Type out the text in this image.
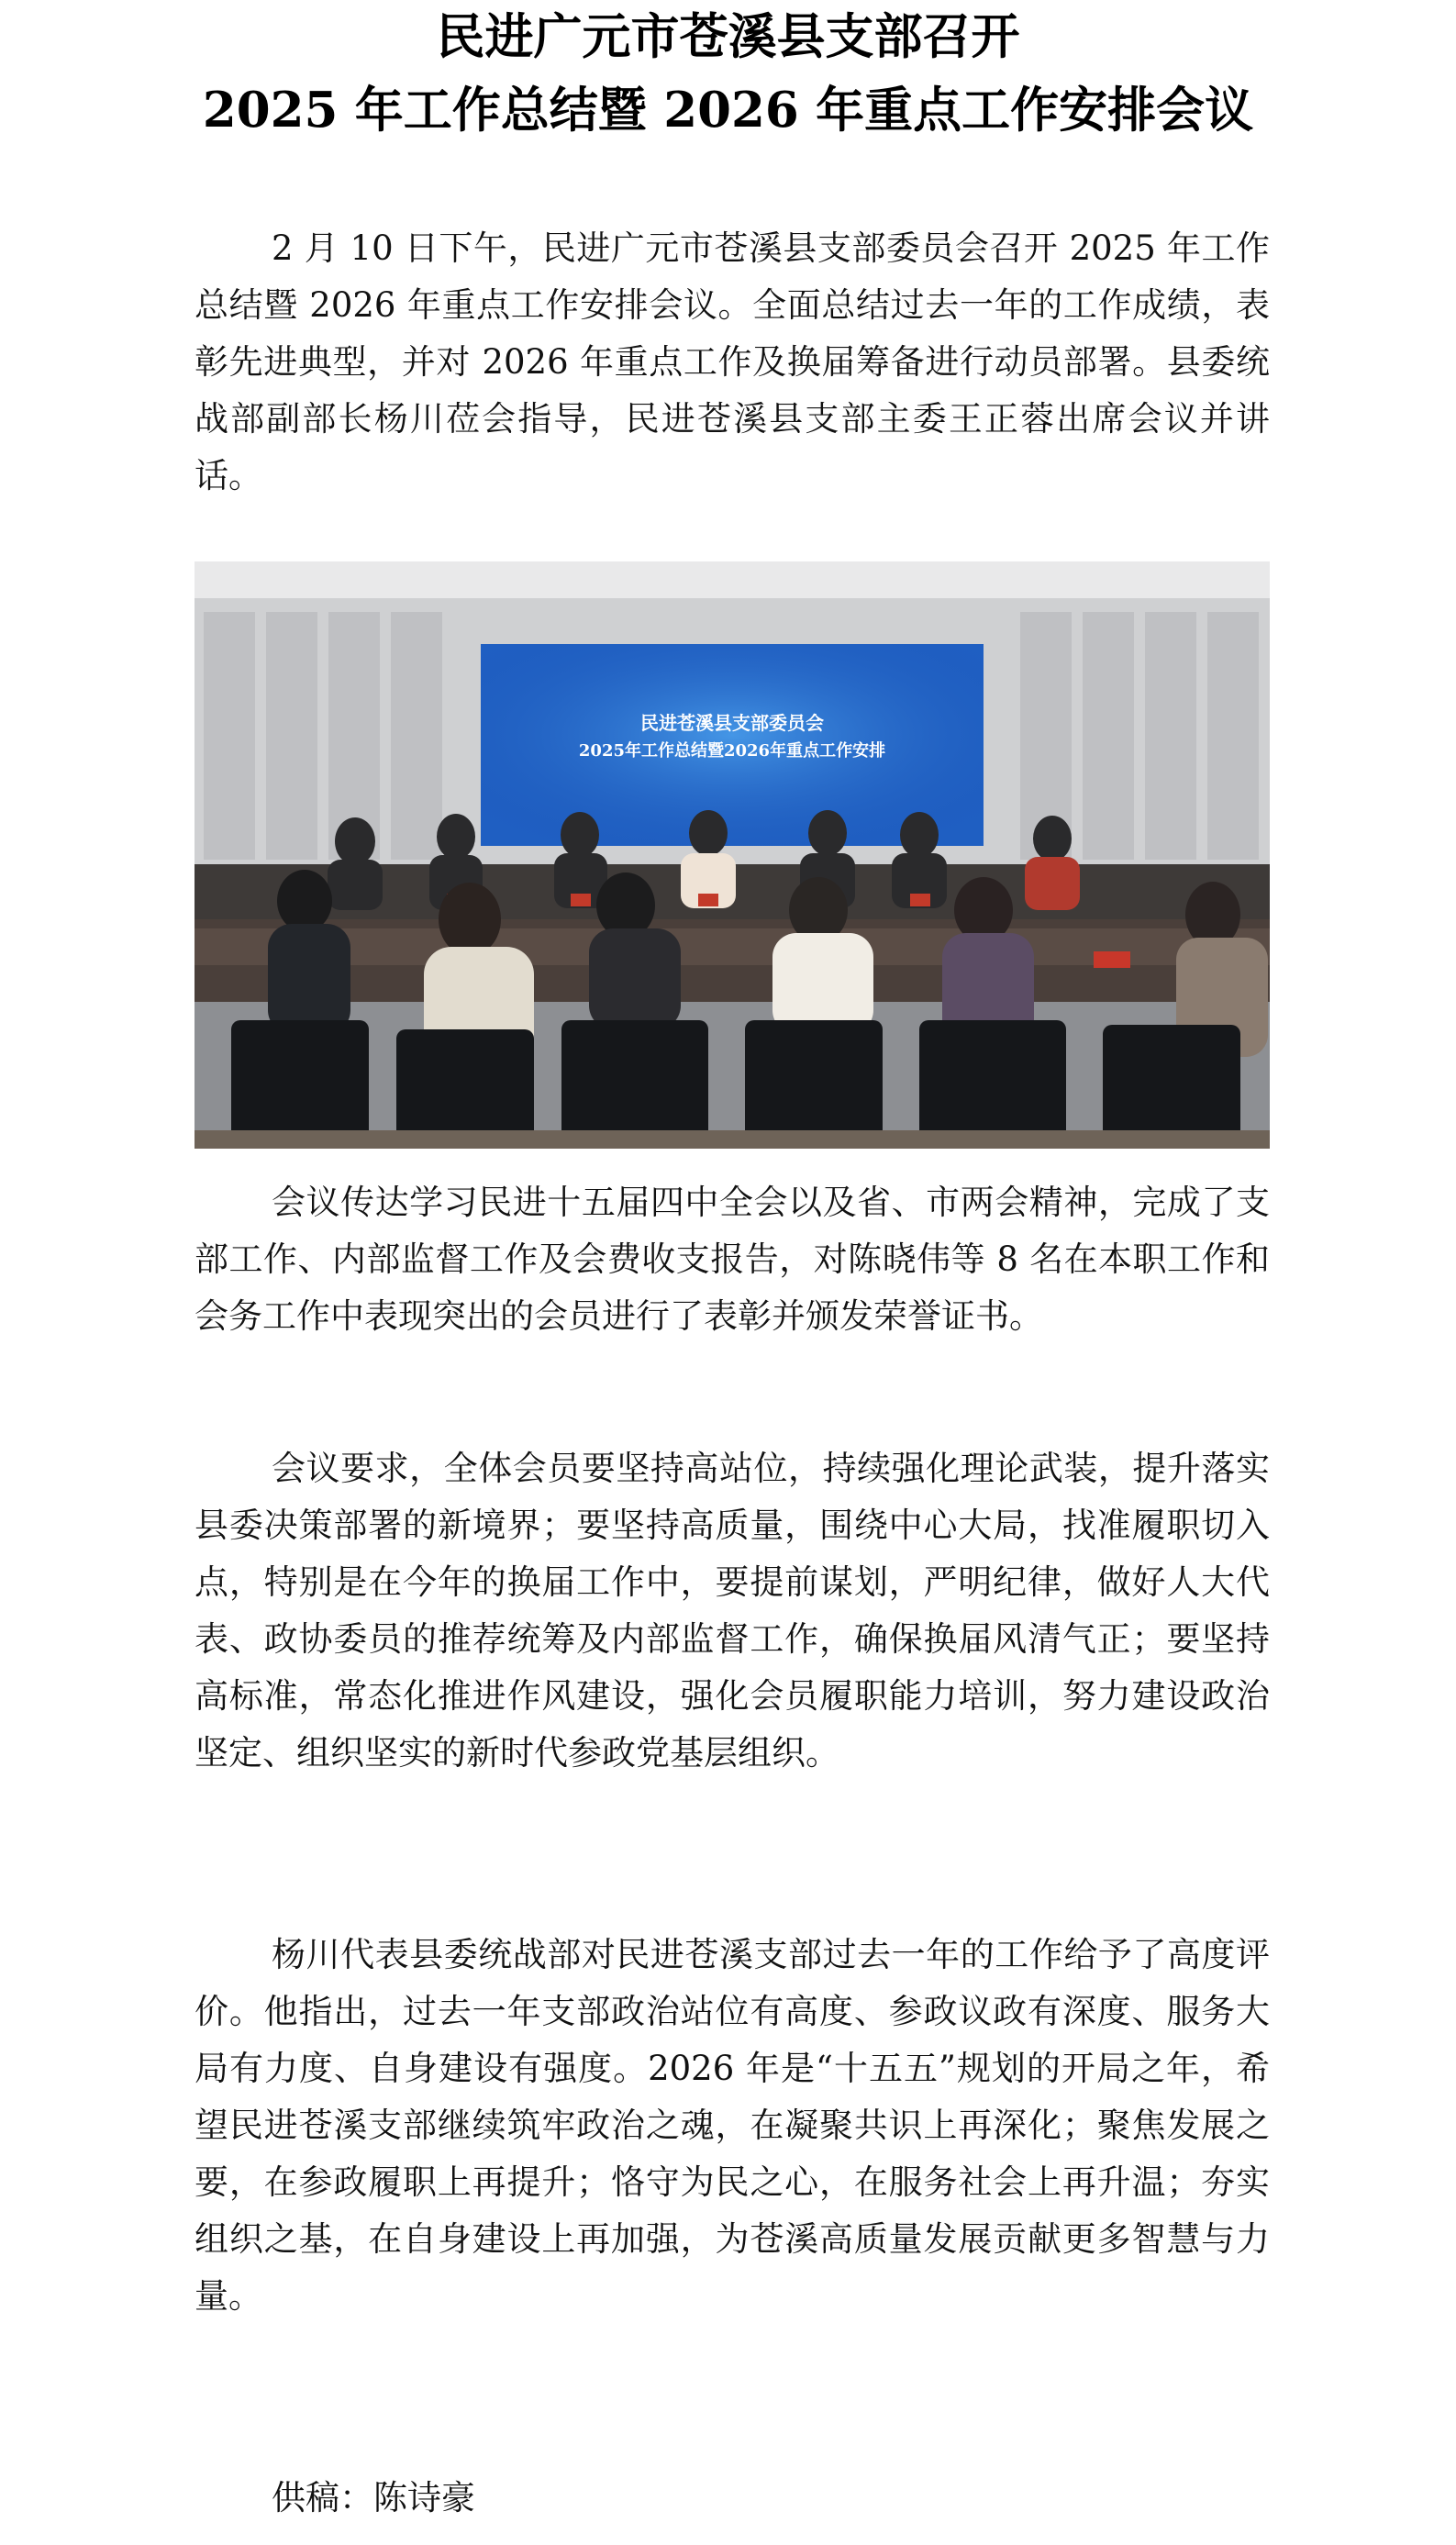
民进广元市苍溪县支部召开
2025 年工作总结暨 2026 年重点工作安排会议

2 月 10 日下午，民进广元市苍溪县支部委员会召开 2025 年工作总结暨 2026 年重点工作安排会议。全面总结过去一年的工作成绩，表彰先进典型，并对 2026 年重点工作及换届筹备进行动员部署。县委统战部副部长杨川莅会指导，民进苍溪县支部主委王正蓉出席会议并讲话。

民进苍溪县支部委员会
2025年工作总结暨2026年重点工作安排

会议传达学习民进十五届四中全会以及省、市两会精神，完成了支部工作、内部监督工作及会费收支报告，对陈晓伟等 8 名在本职工作和会务工作中表现突出的会员进行了表彰并颁发荣誉证书。

会议要求，全体会员要坚持高站位，持续强化理论武装，提升落实县委决策部署的新境界；要坚持高质量，围绕中心大局，找准履职切入点，特别是在今年的换届工作中，要提前谋划，严明纪律，做好人大代表、政协委员的推荐统筹及内部监督工作，确保换届风清气正；要坚持高标准，常态化推进作风建设，强化会员履职能力培训，努力建设政治坚定、组织坚实的新时代参政党基层组织。

杨川代表县委统战部对民进苍溪支部过去一年的工作给予了高度评价。他指出，过去一年支部政治站位有高度、参政议政有深度、服务大局有力度、自身建设有强度。2026 年是“十五五”规划的开局之年，希望民进苍溪支部继续筑牢政治之魂，在凝聚共识上再深化；聚焦发展之要，在参政履职上再提升；恪守为民之心，在服务社会上再升温；夯实组织之基，在自身建设上再加强，为苍溪高质量发展贡献更多智慧与力量。

供稿：陈诗豪
